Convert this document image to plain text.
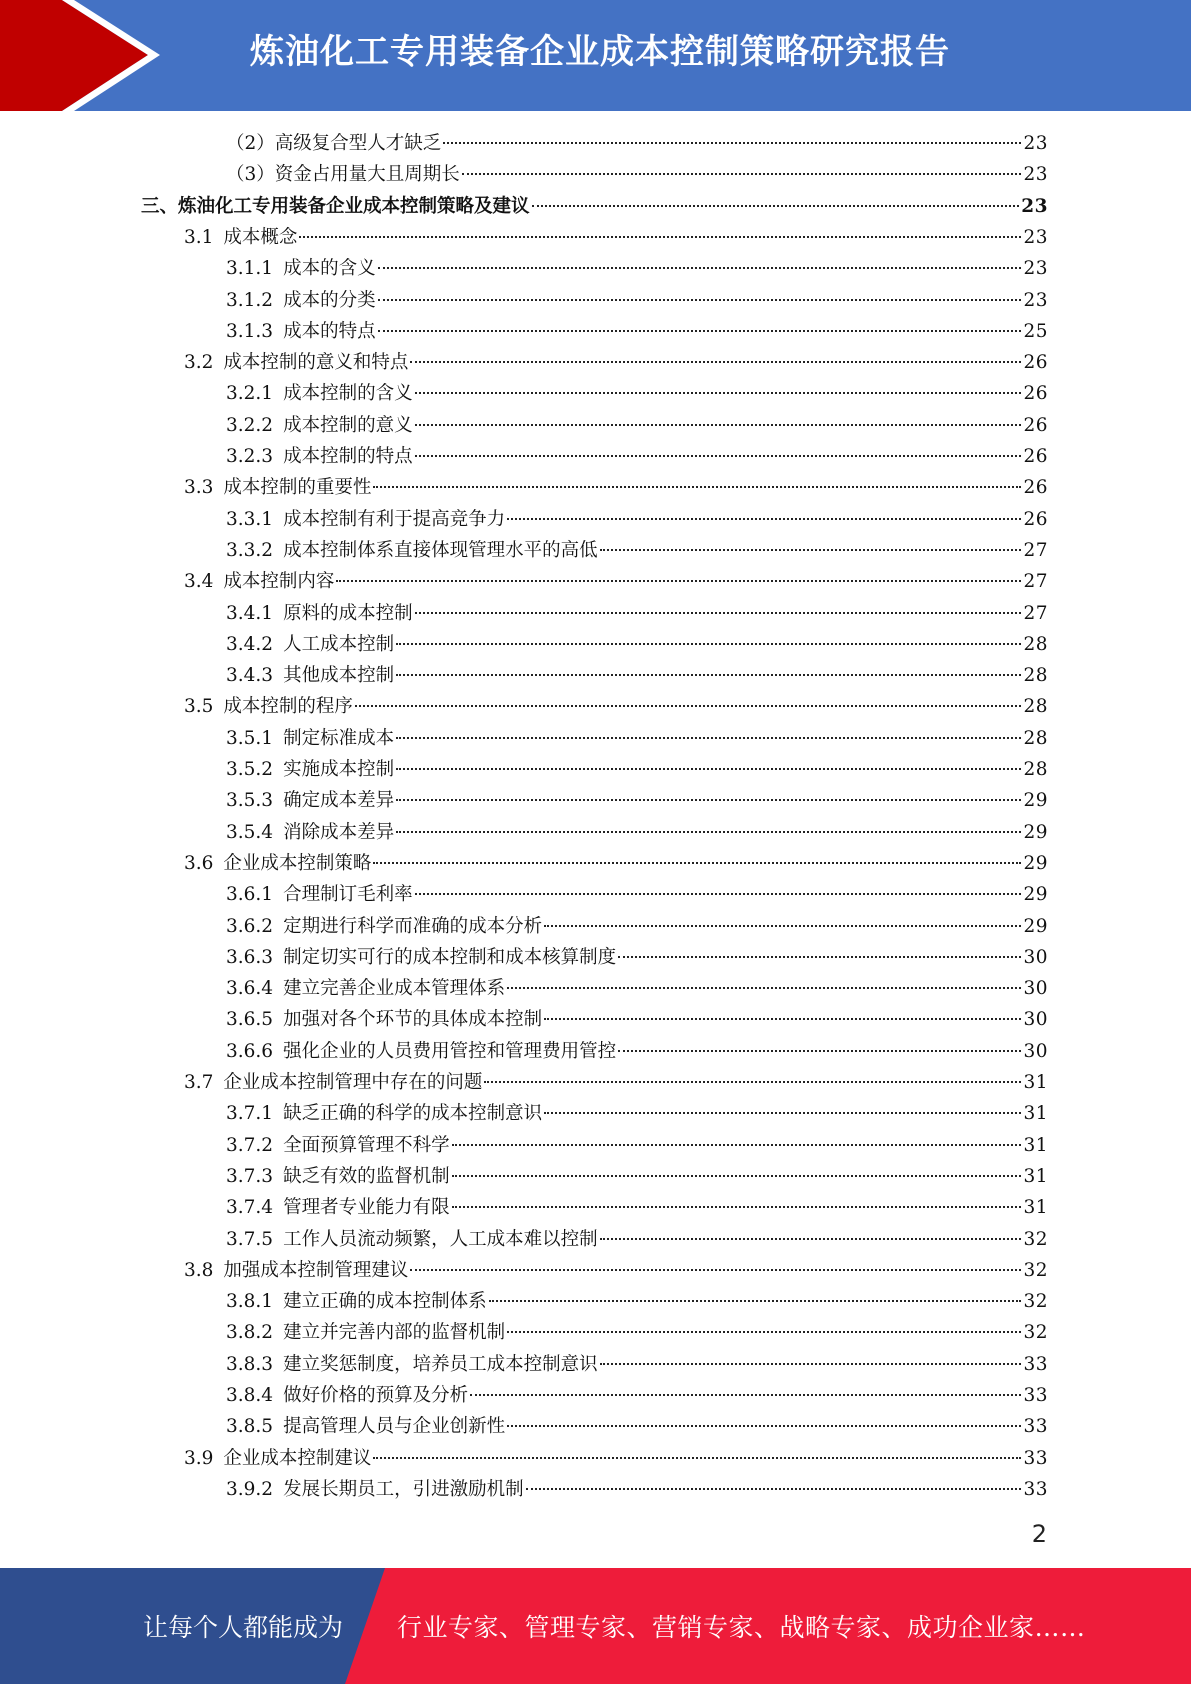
炼油化工专用装备企业成本控制策略研究报告
（2）高级复合型人才缺乏	23
（3）资金占用量大且周期长	23
三、炼油化工专用装备企业成本控制策略及建议	23
3.1 成本概念	23
3.1.1 成本的含义	23
3.1.2 成本的分类	23
3.1.3 成本的特点	25
3.2 成本控制的意义和特点	26
3.2.1 成本控制的含义	26
3.2.2 成本控制的意义	26
3.2.3 成本控制的特点	26
3.3 成本控制的重要性	26
3.3.1 成本控制有利于提高竞争力	26
3.3.2 成本控制体系直接体现管理水平的高低	27
3.4 成本控制内容	27
3.4.1 原料的成本控制	27
3.4.2 人工成本控制	28
3.4.3 其他成本控制	28
3.5 成本控制的程序	28
3.5.1 制定标准成本	28
3.5.2 实施成本控制	28
3.5.3 确定成本差异	29
3.5.4 消除成本差异	29
3.6 企业成本控制策略	29
3.6.1 合理制订毛利率	29
3.6.2 定期进行科学而准确的成本分析	29
3.6.3 制定切实可行的成本控制和成本核算制度	30
3.6.4 建立完善企业成本管理体系	30
3.6.5 加强对各个环节的具体成本控制	30
3.6.6 强化企业的人员费用管控和管理费用管控	30
3.7 企业成本控制管理中存在的问题	31
3.7.1 缺乏正确的科学的成本控制意识	31
3.7.2 全面预算管理不科学	31
3.7.3 缺乏有效的监督机制	31
3.7.4 管理者专业能力有限	31
3.7.5 工作人员流动频繁，人工成本难以控制	32
3.8 加强成本控制管理建议	32
3.8.1 建立正确的成本控制体系	32
3.8.2 建立并完善内部的监督机制	32
3.8.3 建立奖惩制度，培养员工成本控制意识	33
3.8.4 做好价格的预算及分析	33
3.8.5 提高管理人员与企业创新性	33
3.9 企业成本控制建议	33
3.9.2 发展长期员工，引进激励机制	33
2
让每个人都能成为 行业专家、管理专家、营销专家、战略专家、成功企业家……
